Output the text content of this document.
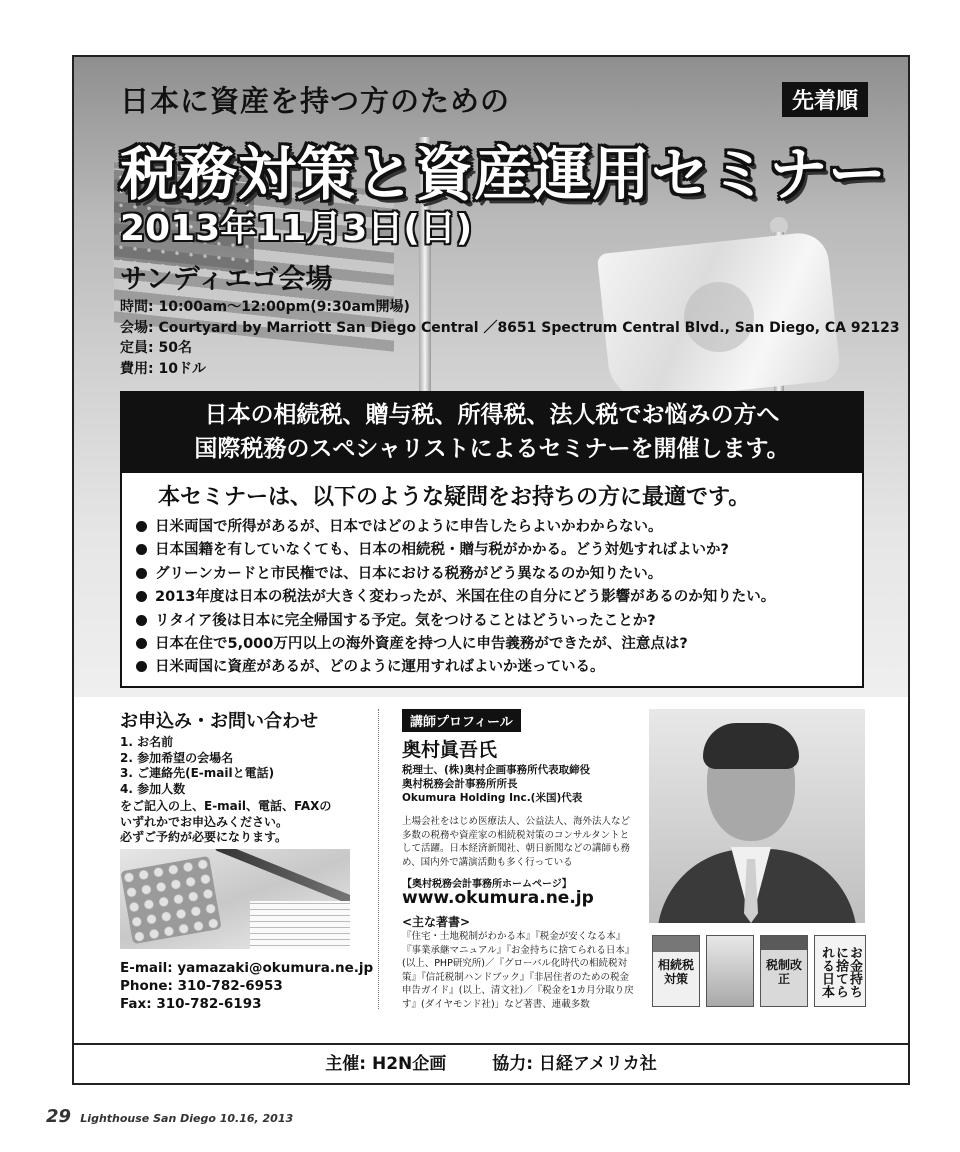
日本に資産を持つ方のための	先着順
税務対策と資産運用セミナー
2013年11月3日(日)
サンディエゴ会場
時間: 10:00am〜12:00pm(9:30am開場)
会場: Courtyard by Marriott San Diego Central ／8651 Spectrum Central Blvd., San Diego, CA 92123
定員: 50名
費用: 10ドル
日本の相続税、贈与税、所得税、法人税でお悩みの方へ
国際税務のスペシャリストによるセミナーを開催します。
本セミナーは、以下のような疑問をお持ちの方に最適です。
日米両国で所得があるが、日本ではどのように申告したらよいかわからない。
日本国籍を有していなくても、日本の相続税・贈与税がかかる。どう対処すればよいか?
グリーンカードと市民権では、日本における税務がどう異なるのか知りたい。
2013年度は日本の税法が大きく変わったが、米国在住の自分にどう影響があるのか知りたい。
リタイア後は日本に完全帰国する予定。気をつけることはどういったことか?
日本在住で5,000万円以上の海外資産を持つ人に申告義務ができたが、注意点は?
日米両国に資産があるが、どのように運用すればよいか迷っている。
お申込み・お問い合わせ
1. お名前
2. 参加希望の会場名
3. ご連絡先(E-mailと電話)
4. 参加人数
をご記入の上、E-mail、電話、FAXの
いずれかでお申込みください。
必ずご予約が必要になります。
E-mail: yamazaki@okumura.ne.jp
Phone: 310-782-6953
Fax: 310-782-6193
講師プロフィール
奥村眞吾氏
税理士、(株)奥村企画事務所代表取締役
奥村税務会計事務所所長
Okumura Holding Inc.(米国)代表
上場会社をはじめ医療法人、公益法人、海外法人など多数の税務や資産家の相続税対策のコンサルタントとして活躍。日本経済新聞社、朝日新聞などの講師も務め、国内外で講演活動も多く行っている
【奥村税務会計事務所ホームページ】
www.okumura.ne.jp
<主な著書>
『住宅・土地税制がわかる本』『税金が安くなる本』『事業承継マニュアル』『お金持ちに捨てられる日本』(以上、PHP研究所)／『グローバル化時代の相続税対策』『信託税制ハンドブック』『非居住者のための税金申告ガイド』(以上、清文社)／『税金を1カ月分取り戻す』(ダイヤモンド社)」など著書、連載多数
相続税対策
税制改正	お金持ちに捨てられる日本
主催: H2N企画	協力: 日経アメリカ社
29 Lighthouse San Diego 10.16, 2013
